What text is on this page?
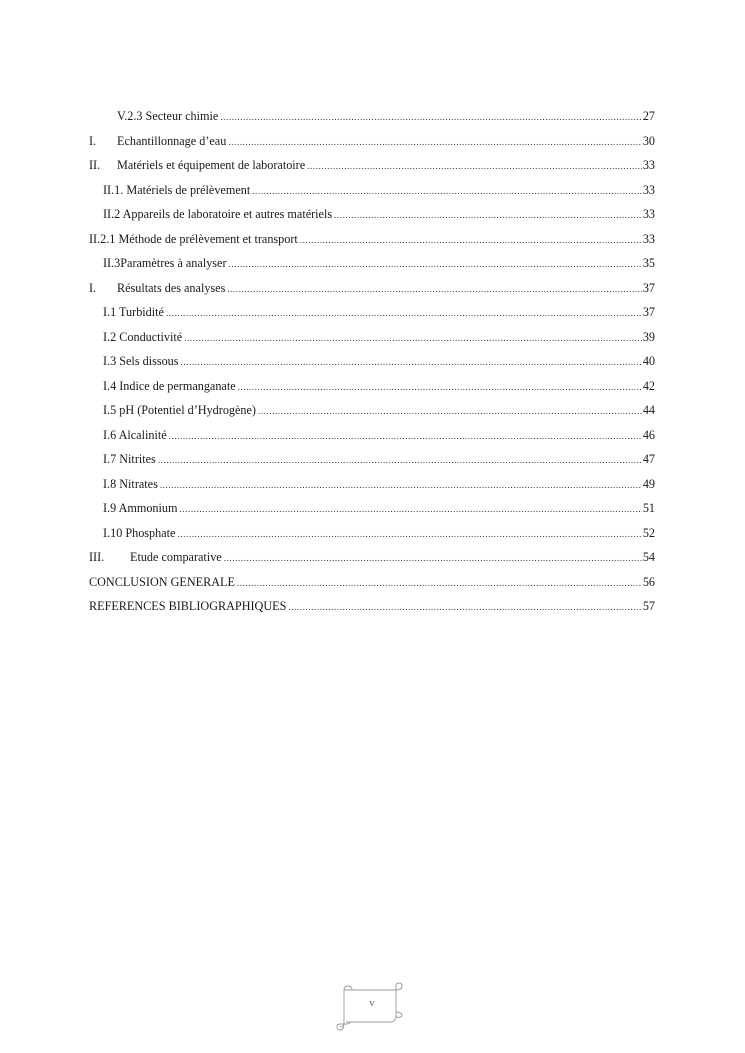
V.2.3 Secteur chimie .....	27
I.	Echantillonnage d’eau .....	30
II.	Matériels et équipement de laboratoire .....	33
II.1. Matériels de prélèvement .....	33
II.2 Appareils de laboratoire et autres matériels .....	33
II.2.1 Méthode de prélèvement et transport .....	33
II.3Paramètres à analyser .....	35
I.	Résultats des analyses .....	37
I.1 Turbidité .....	37
I.2 Conductivité .....	39
I.3 Sels dissous .....	40
I.4 Indice de permanganate .....	42
I.5 pH (Potentiel d’Hydrogène) .....	44
I.6 Alcalinité .....	46
I.7 Nitrites .....	47
I.8 Nitrates .....	49
I.9 Ammonium .....	51
I.10 Phosphate .....	52
III.	Etude comparative .....	54
CONCLUSION GENERALE .....	56
REFERENCES BIBLIOGRAPHIQUES .....	57
v
